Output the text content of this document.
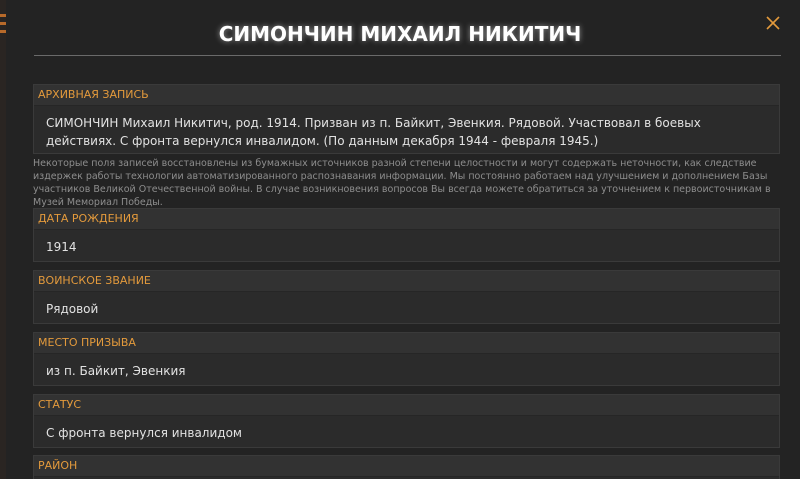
СИМОНЧИН МИХАИЛ НИКИТИЧ
АРХИВНАЯ ЗАПИСЬ
СИМОНЧИН Михаил Никитич, род. 1914. Призван из п. Байкит, Эвенкия. Рядовой. Участвовал в боевых действиях. С фронта вернулся инвалидом. (По данным декабря 1944 - февраля 1945.)
Некоторые поля записей восстановлены из бумажных источников разной степени целостности и могут содержать неточности, как следствие издержек работы технологии автоматизированного распознавания информации. Мы постоянно работаем над улучшением и дополнением Базы участников Великой Отечественной войны. В случае возникновения вопросов Вы всегда можете обратиться за уточнением к первоисточникам в Музей Мемориал Победы.
ДАТА РОЖДЕНИЯ
1914
ВОИНСКОЕ ЗВАНИЕ
Рядовой
МЕСТО ПРИЗЫВА
из п. Байкит, Эвенкия
СТАТУС
С фронта вернулся инвалидом
РАЙОН
